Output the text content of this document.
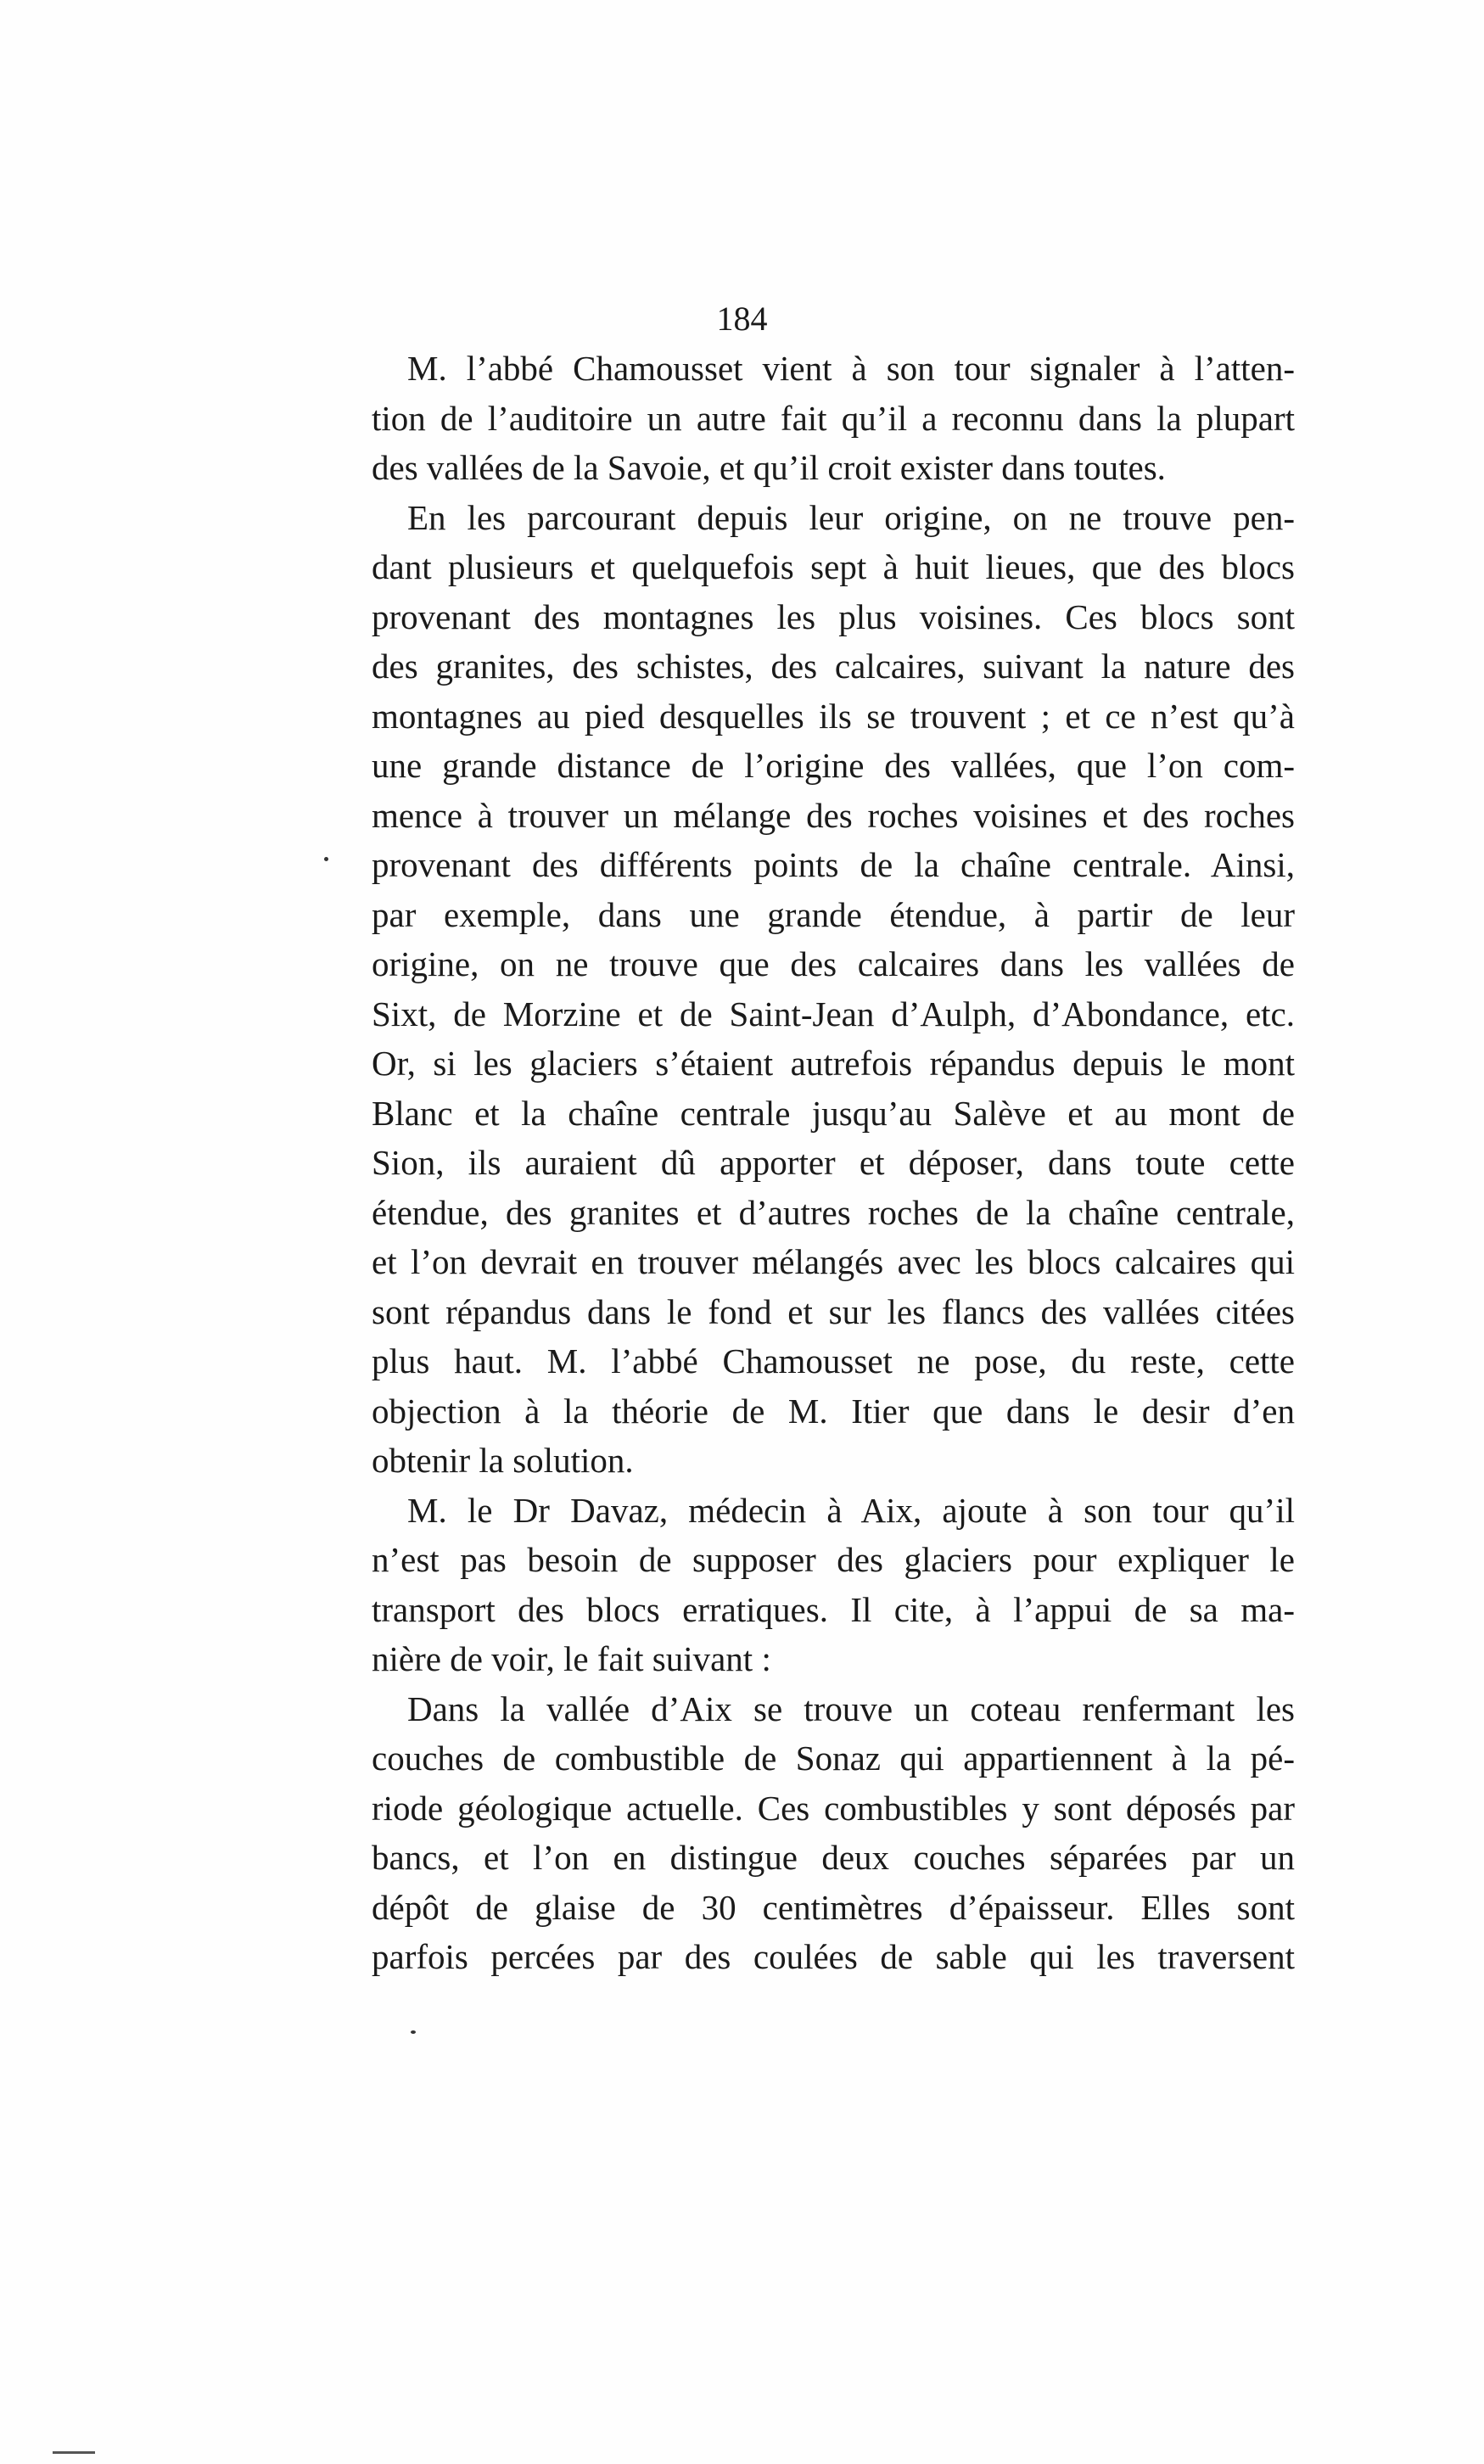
184

M. l’abbé Chamousset vient à son tour signaler à l’atten-
tion de l’auditoire un autre fait qu’il a reconnu dans la plupart
des vallées de la Savoie, et qu’il croit exister dans toutes.
En les parcourant depuis leur origine, on ne trouve pen-
dant plusieurs et quelquefois sept à huit lieues, que des blocs
provenant des montagnes les plus voisines. Ces blocs sont
des granites, des schistes, des calcaires, suivant la nature des
montagnes au pied desquelles ils se trouvent ; et ce n’est qu’à
une grande distance de l’origine des vallées, que l’on com-
mence à trouver un mélange des roches voisines et des roches
provenant des différents points de la chaîne centrale. Ainsi,
par exemple, dans une grande étendue, à partir de leur
origine, on ne trouve que des calcaires dans les vallées de
Sixt, de Morzine et de Saint-Jean d’Aulph, d’Abondance, etc.
Or, si les glaciers s’étaient autrefois répandus depuis le mont
Blanc et la chaîne centrale jusqu’au Salève et au mont de
Sion, ils auraient dû apporter et déposer, dans toute cette
étendue, des granites et d’autres roches de la chaîne centrale,
et l’on devrait en trouver mélangés avec les blocs calcaires qui
sont répandus dans le fond et sur les flancs des vallées citées
plus haut. M. l’abbé Chamousset ne pose, du reste, cette
objection à la théorie de M. Itier que dans le desir d’en
obtenir la solution.
M. le Dr Davaz, médecin à Aix, ajoute à son tour qu’il
n’est pas besoin de supposer des glaciers pour expliquer le
transport des blocs erratiques. Il cite, à l’appui de sa ma-
nière de voir, le fait suivant :
Dans la vallée d’Aix se trouve un coteau renfermant les
couches de combustible de Sonaz qui appartiennent à la pé-
riode géologique actuelle. Ces combustibles y sont déposés par
bancs, et l’on en distingue deux couches séparées par un
dépôt de glaise de 30 centimètres d’épaisseur. Elles sont
parfois percées par des coulées de sable qui les traversent
